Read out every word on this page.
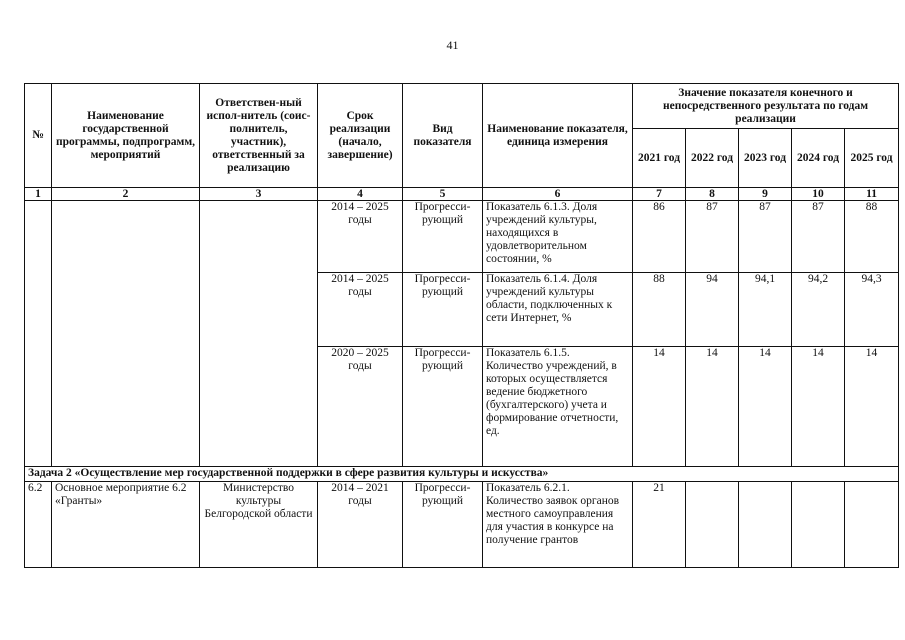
41
№	Наименование государственной программы, подпрограмм, мероприятий	Ответствен-ный испол-нитель (соис-полнитель, участник), ответственный за реализацию	Срок реализации (начало, завершение)	Вид показателя	Наименование показателя, единица измерения	Значение показателя конечного и непосредственного результата по годам реализации				
						2021 год	2022 год	2023 год	2024 год	2025 год
1	2	3	4	5	6	7	8	9	10	11
			2014 – 2025 годы	Прогресси-рующий	Показатель 6.1.3. Доля учреждений культуры, находящихся в удовлетворительном состоянии, %	86	87	87	87	88
			2014 – 2025 годы	Прогресси-рующий	Показатель 6.1.4. Доля учреждений культуры области, подключенных к сети Интернет, %	88	94	94,1	94,2	94,3
			2020 – 2025 годы	Прогресси-рующий	Показатель 6.1.5. Количество учреждений, в которых осуществляется ведение бюджетного (бухгалтерского) учета и формирование отчетности, ед.	14	14	14	14	14
Задача 2 «Осуществление мер государственной поддержки в сфере развития культуры и искусства»										
6.2	Основное мероприятие 6.2 «Гранты»	Министерство культуры Белгородской области	2014 – 2021 годы	Прогресси-рующий	Показатель 6.2.1. Количество заявок органов местного самоуправления для участия в конкурсе на получение грантов	21				
